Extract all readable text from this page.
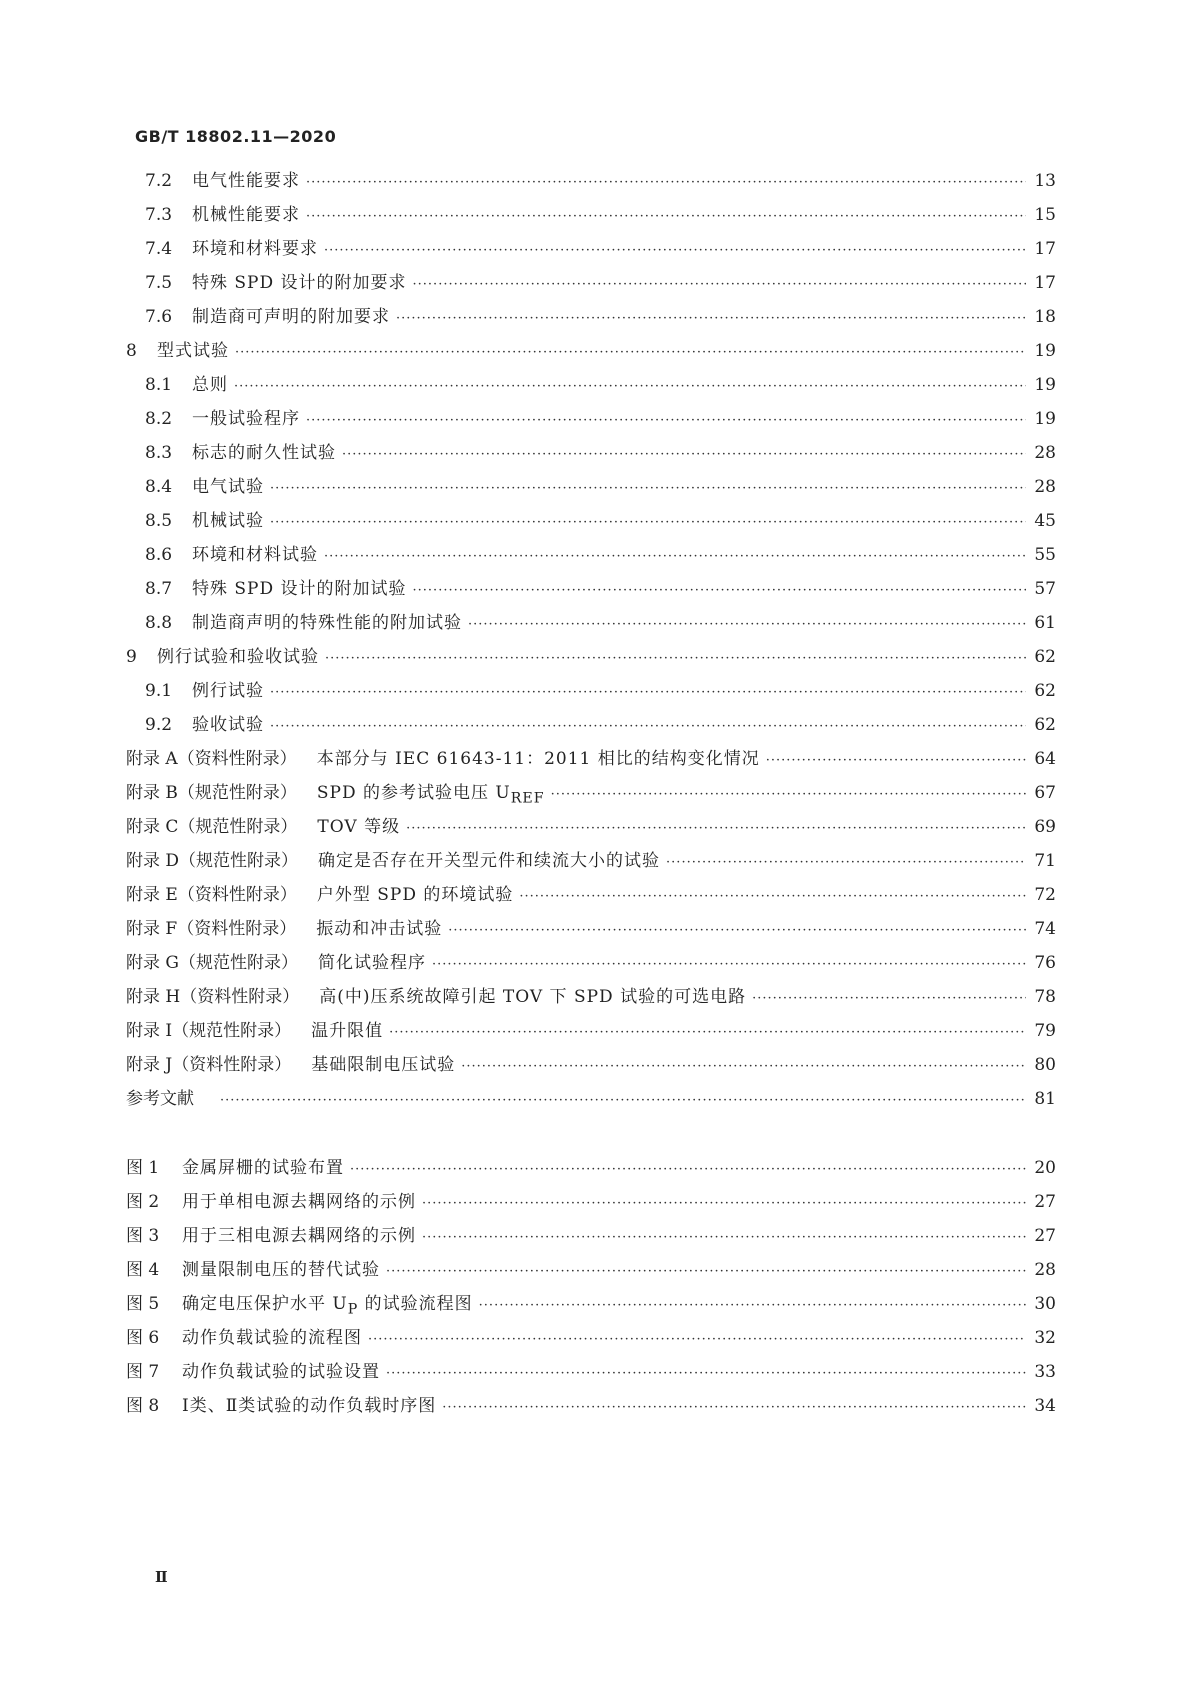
GB/T 18802.11—2020
7.2	电气性能要求 ·····	13
7.3	机械性能要求 ·····	15
7.4	环境和材料要求 ·····	17
7.5	特殊 SPD 设计的附加要求 ·····	17
7.6	制造商可声明的附加要求 ·····	18
8	型式试验 ·····	19
8.1	总则 ·····	19
8.2	一般试验程序 ·····	19
8.3	标志的耐久性试验 ·····	28
8.4	电气试验 ·····	28
8.5	机械试验 ·····	45
8.6	环境和材料试验 ·····	55
8.7	特殊 SPD 设计的附加试验 ·····	57
8.8	制造商声明的特殊性能的附加试验 ·····	61
9	例行试验和验收试验 ·····	62
9.1	例行试验 ·····	62
9.2	验收试验 ·····	62
附录 A（资料性附录） 本部分与 IEC 61643-11：2011 相比的结构变化情况 ·····	64
附录 B（规范性附录） SPD 的参考试验电压 $U_{REF}$ ·····	67
附录 C（规范性附录） TOV 等级 ·····	69
附录 D（规范性附录） 确定是否存在开关型元件和续流大小的试验 ·····	71
附录 E（资料性附录） 户外型 SPD 的环境试验 ·····	72
附录 F（资料性附录） 振动和冲击试验 ·····	74
附录 G（规范性附录） 简化试验程序 ·····	76
附录 H（资料性附录） 高(中)压系统故障引起 TOV 下 SPD 试验的可选电路 ·····	78
附录 I（规范性附录） 温升限值 ·····	79
附录 J（资料性附录） 基础限制电压试验 ·····	80
参考文献 ·····	81
图 1	金属屏栅的试验布置 ·····	20
图 2	用于单相电源去耦网络的示例 ·····	27
图 3	用于三相电源去耦网络的示例 ·····	27
图 4	测量限制电压的替代试验 ·····	28
图 5	确定电压保护水平 $U_P$ 的试验流程图 ·····	30
图 6	动作负载试验的流程图 ·····	32
图 7	动作负载试验的试验设置 ·····	33
图 8	Ⅰ类、Ⅱ类试验的动作负载时序图 ·····	34
Ⅱ
